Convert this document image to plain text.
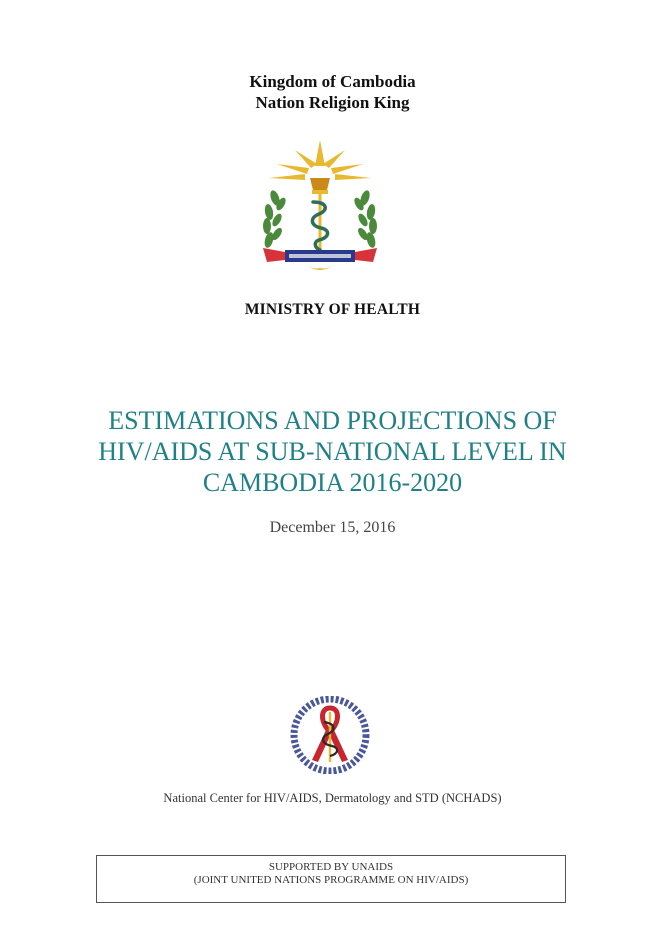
Kingdom of Cambodia
Nation Religion King
MINISTRY OF HEALTH
ESTIMATIONS AND PROJECTIONS OF
HIV/AIDS AT SUB-NATIONAL LEVEL IN
CAMBODIA 2016-2020
December 15, 2016
National Center for HIV/AIDS, Dermatology and STD (NCHADS)
SUPPORTED BY UNAIDS
(JOINT UNITED NATIONS PROGRAMME ON HIV/AIDS)
